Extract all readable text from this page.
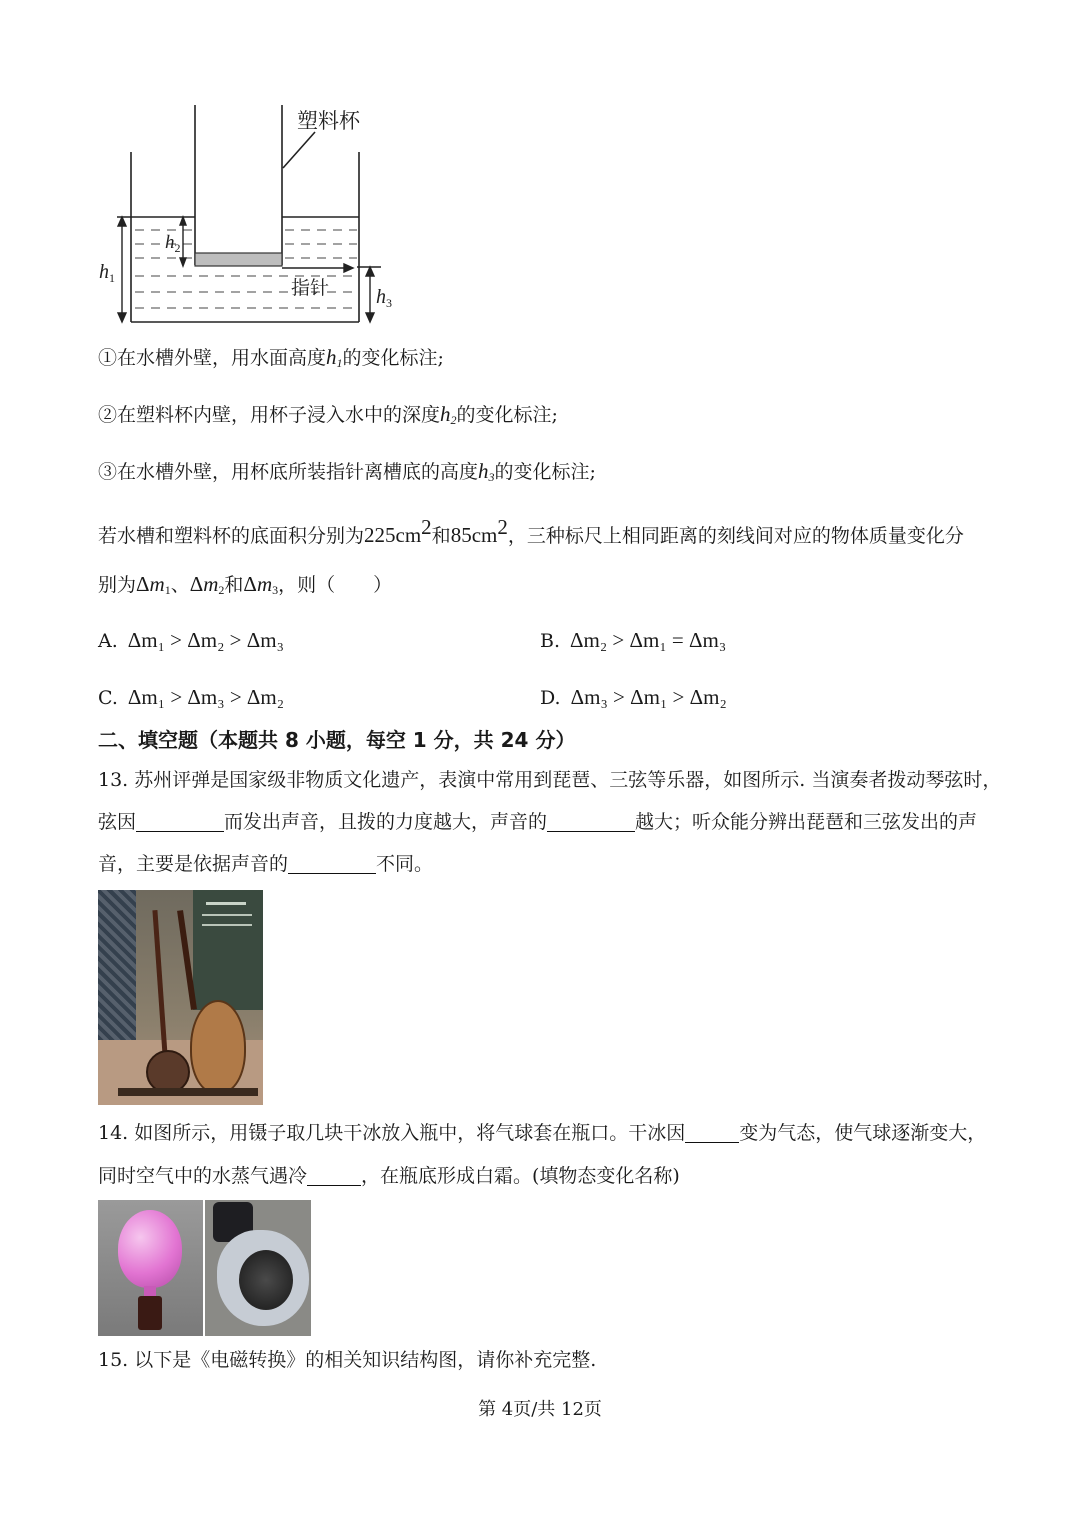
塑料杯
指针
$h_1$
$h_2$
$h_3$
①在水槽外壁，用水面高度$h_1$的变化标注;
②在塑料杯内壁，用杯子浸入水中的深度$h_2$的变化标注;
③在水槽外壁，用杯底所装指针离槽底的高度$h_3$的变化标注;
若水槽和塑料杯的底面积分别为$225cm^2$和$85cm^2$，三种标尺上相同距离的刻线间对应的物体质量变化分
别为$\Delta m_1$、$\Delta m_2$和$\Delta m_3$，则（　　）
A. Δm₁ > Δm₂ > Δm₃	B. Δm₂ > Δm₁ = Δm₃
C. Δm₁ > Δm₃ > Δm₂	D. Δm₃ > Δm₁ > Δm₂
二、填空题（本题共 8 小题，每空 1 分，共 24 分）
13. 苏州评弹是国家级非物质文化遗产，表演中常用到琵琶、三弦等乐器，如图所示. 当演奏者拨动琴弦时，
弦因	而发出声音，且拨的力度越大，声音的	越大；听众能分辨出琵琶和三弦发出的声
音，主要是依据声音的	不同。
14. 如图所示，用镊子取几块干冰放入瓶中，将气球套在瓶口。干冰因	变为气态，使气球逐渐变大，
同时空气中的水蒸气遇冷	，在瓶底形成白霜。(填物态变化名称)
15. 以下是《电磁转换》的相关知识结构图，请你补充完整.
第 4页/共 12页
